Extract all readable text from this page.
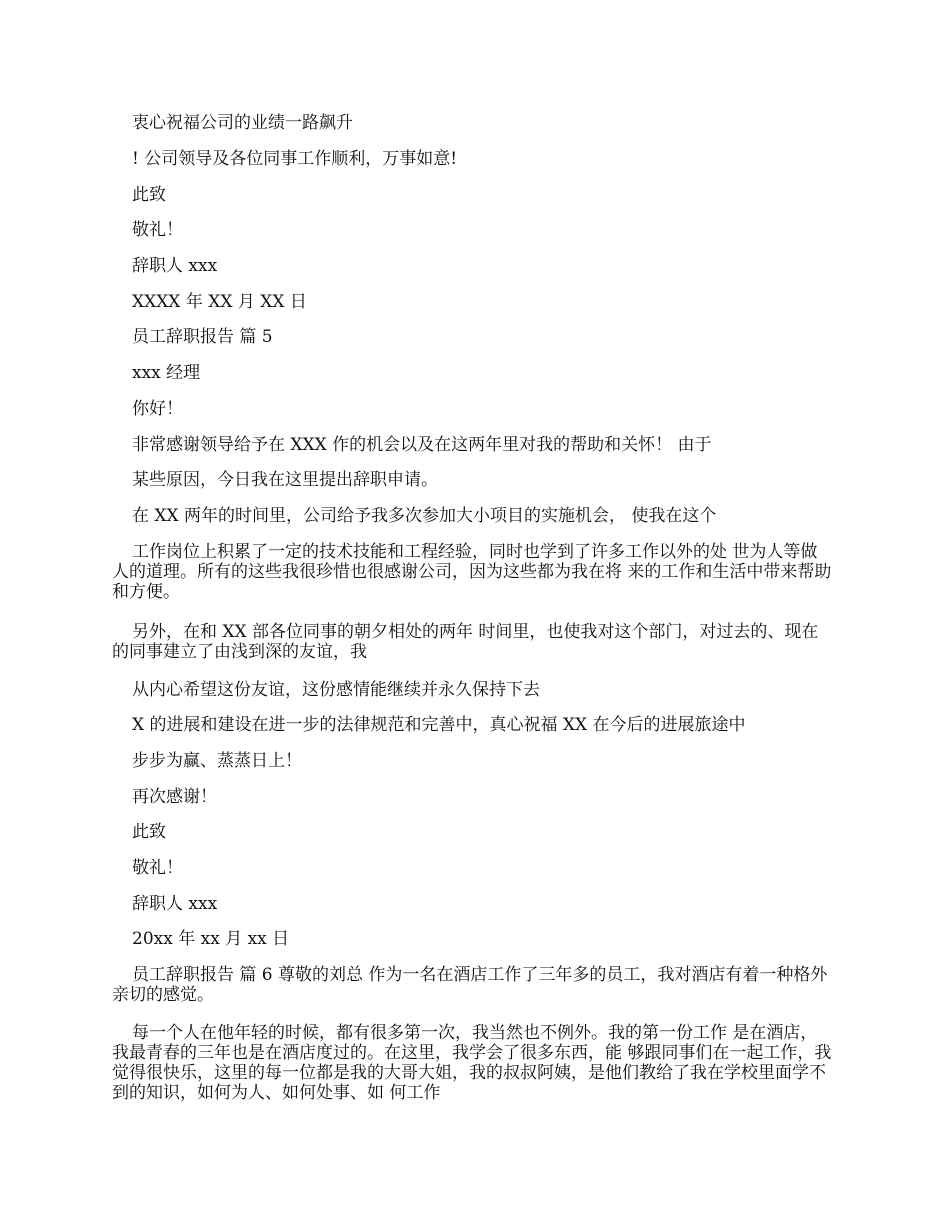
衷心祝福公司的业绩一路飙升

! 公司领导及各位同事工作顺利，万事如意!

此致

敬礼！

辞职人 xxx

XXXX 年 XX 月 XX 日

员工辞职报告 篇 5

xxx 经理

你好！

非常感谢领导给予在 XXX 作的机会以及在这两年里对我的帮助和关怀！ 由于

某些原因，今日我在这里提出辞职申请。

在 XX 两年的时间里，公司给予我多次参加大小项目的实施机会， 使我在这个

工作岗位上积累了一定的技术技能和工程经验，同时也学到了许多工作以外的处 世为人等做人的道理。所有的这些我很珍惜也很感谢公司，因为这些都为我在将 来的工作和生活中带来帮助和方便。

另外，在和 XX 部各位同事的朝夕相处的两年 时间里，也使我对这个部门，对过去的、现在的同事建立了由浅到深的友谊，我

从内心希望这份友谊，这份感情能继续并永久保持下去

X 的进展和建设在进一步的法律规范和完善中，真心祝福 XX 在今后的进展旅途中

步步为赢、蒸蒸日上！

再次感谢！

此致

敬礼！

辞职人 xxx

20xx 年 xx 月 xx 日

员工辞职报告 篇 6 尊敬的刘总 作为一名在酒店工作了三年多的员工，我对酒店有着一种格外亲切的感觉。

每一个人在他年轻的时候，都有很多第一次，我当然也不例外。我的第一份工作 是在酒店，我最青春的三年也是在酒店度过的。在这里，我学会了很多东西，能 够跟同事们在一起工作，我觉得很快乐，这里的每一位都是我的大哥大姐，我的叔叔阿姨，是他们教给了我在学校里面学不到的知识，如何为人、如何处事、如 何工作
